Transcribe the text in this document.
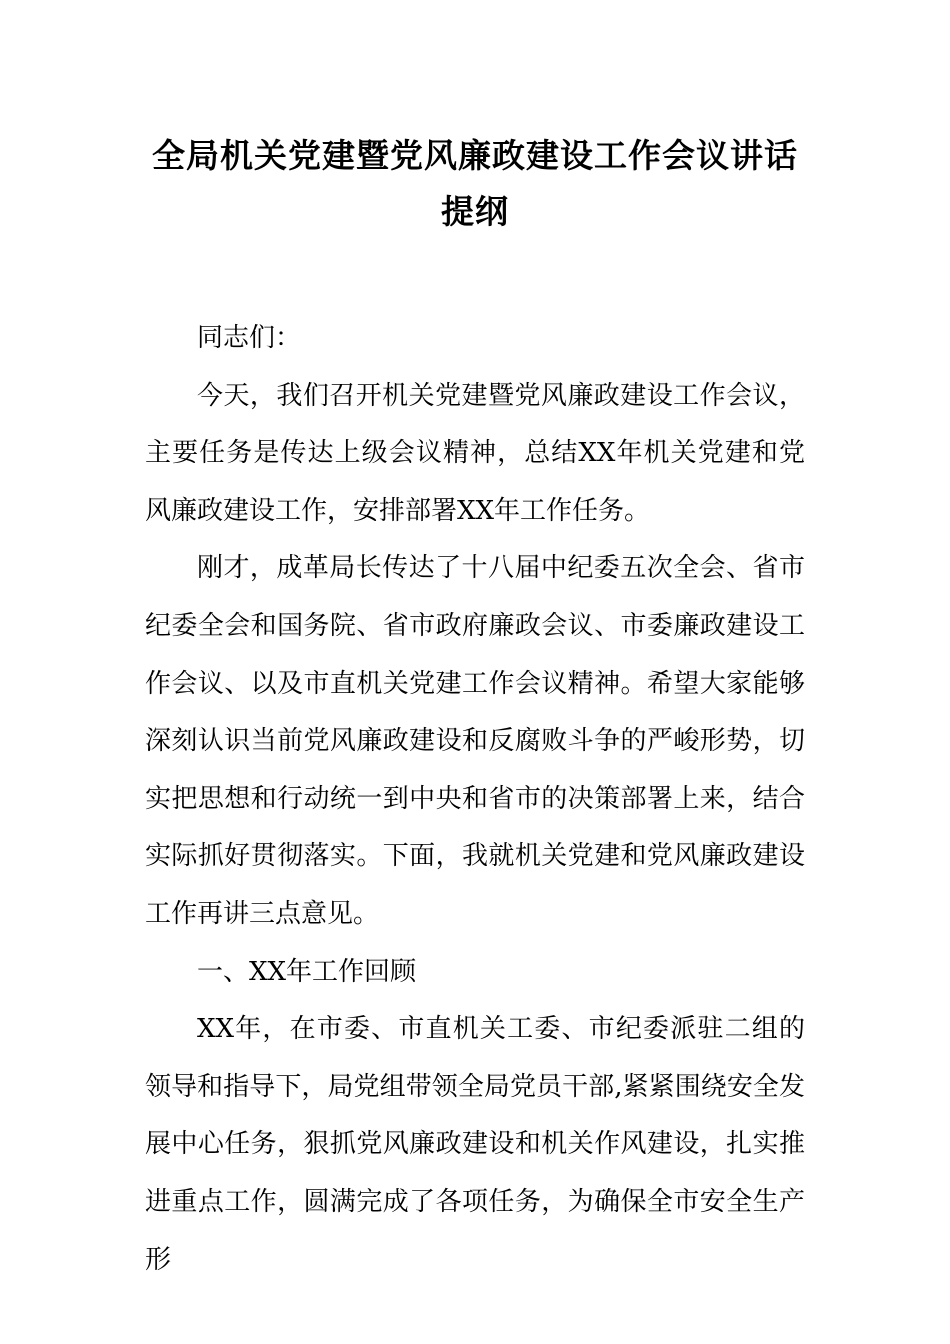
全局机关党建暨党风廉政建设工作会议讲话提纲

同志们：

今天，我们召开机关党建暨党风廉政建设工作会议，主要任务是传达上级会议精神，总结XX年机关党建和党风廉政建设工作，安排部署XX年工作任务。

刚才，成革局长传达了十八届中纪委五次全会、省市纪委全会和国务院、省市政府廉政会议、市委廉政建设工作会议、以及市直机关党建工作会议精神。希望大家能够深刻认识当前党风廉政建设和反腐败斗争的严峻形势，切实把思想和行动统一到中央和省市的决策部署上来，结合实际抓好贯彻落实。下面，我就机关党建和党风廉政建设工作再讲三点意见。

一、XX年工作回顾

XX年，在市委、市直机关工委、市纪委派驻二组的领导和指导下，局党组带领全局党员干部,紧紧围绕安全发展中心任务，狠抓党风廉政建设和机关作风建设，扎实推进重点工作，圆满完成了各项任务，为确保全市安全生产形
